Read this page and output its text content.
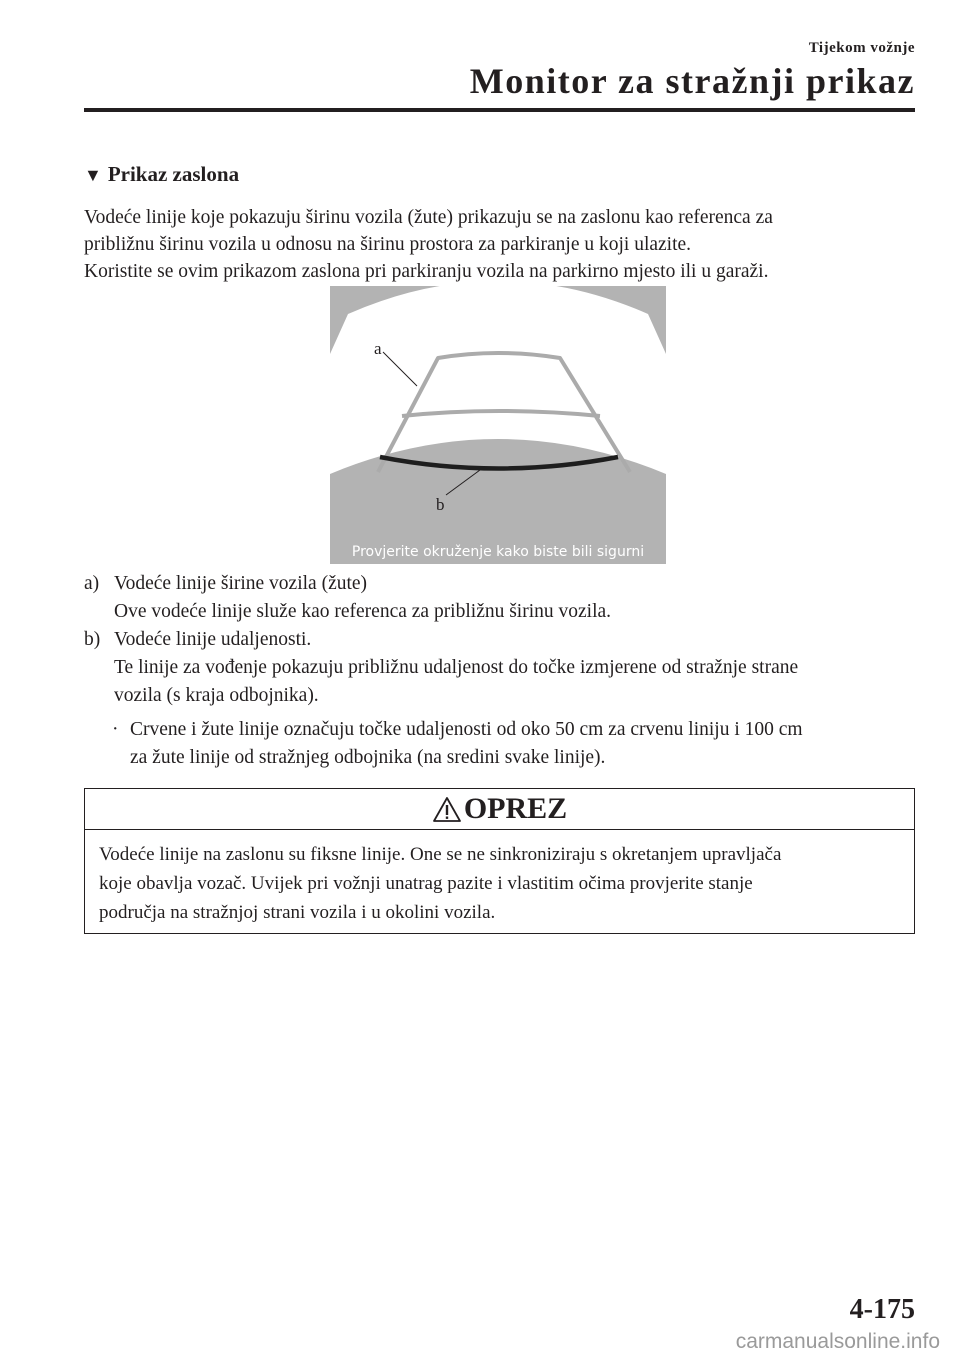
Tijekom vožnje
Monitor za stražnji prikaz
▼ Prikaz zaslona
Vodeće linije koje pokazuju širinu vozila (žute) prikazuju se na zaslonu kao referenca za
približnu širinu vozila u odnosu na širinu prostora za parkiranje u koji ulazite.
Koristite se ovim prikazom zaslona pri parkiranju vozila na parkirno mjesto ili u garaži.
a
b
Provjerite okruženje kako biste bili sigurni
a) Vodeće linije širine vozila (žute)
Ove vodeće linije služe kao referenca za približnu širinu vozila.
b) Vodeće linije udaljenosti.
Te linije za vođenje pokazuju približnu udaljenost do točke izmjerene od stražnje strane
vozila (s kraja odbojnika).
· Crvene i žute linije označuju točke udaljenosti od oko 50 cm za crvenu liniju i 100 cm
za žute linije od stražnjeg odbojnika (na sredini svake linije).
OPREZ
Vodeće linije na zaslonu su fiksne linije. One se ne sinkroniziraju s okretanjem upravljača
koje obavlja vozač. Uvijek pri vožnji unatrag pazite i vlastitim očima provjerite stanje
područja na stražnjoj strani vozila i u okolini vozila.
4-175
carmanualsonline.info
